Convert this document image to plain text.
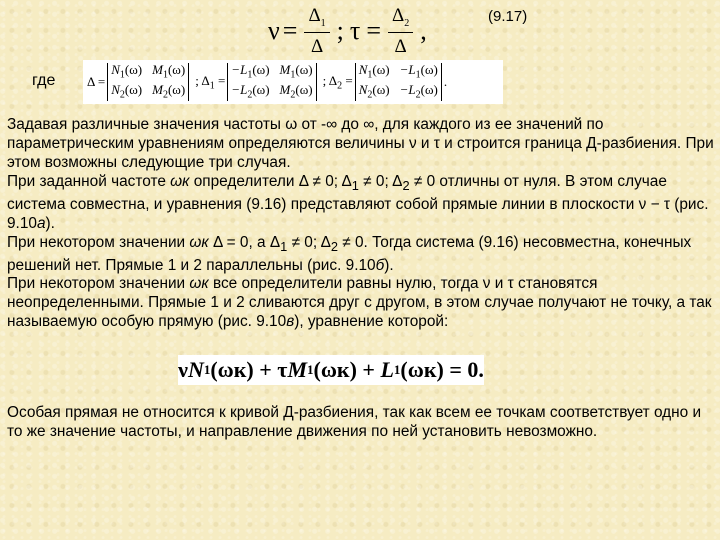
$\nu = \frac{\Delta_1}{\Delta}$ ; $\tau = \frac{\Delta_2}{\Delta}$ ,	(9.17)
где Δ =
$N_1(\omega)$ $M_1(\omega)$
$N_2(\omega)$ $M_2(\omega)$
; $\Delta_1$ =
$-L_1(\omega)$ $M_1(\omega)$
$-L_2(\omega)$ $M_2(\omega)$
; $\Delta_2$ =
$N_1(\omega) -L_1(\omega)$
$N_2(\omega) -L_2(\omega)$ .

Задавая различные значения частоты ω от -∞ до ∞, для каждого из ее значений по параметрическим уравнениям определяются величины ν и τ и строится граница Д-разбиения. При этом возможны следующие три случая.

При заданной частоте ωк определители Δ ≠ 0; $\Delta_1 \ne 0$; $\Delta_2 \ne 0$ отличны от нуля. В этом случае система совместна, и уравнения (9.16) представляют собой прямые линии в плоскости ν − τ (рис. 9.10а).

При некотором значении ωк Δ = 0, а $\Delta_1 \ne 0$; $\Delta_2 \ne 0$. Тогда система (9.16) несовместна, конечных решений нет. Прямые 1 и 2 параллельны (рис. 9.10б).

При некотором значении ωк все определители равны нулю, тогда ν и τ становятся неопределенными. Прямые 1 и 2 сливаются друг с другом, в этом случае получают не точку, а так называемую особую прямую (рис. 9.10в), уравнение которой:

ν N 1 (ωк)
+
τ M 1 (ωк)
+
L 1 (ωк)
=
0 .

Особая прямая не относится к кривой Д-разбиения, так как всем ее точкам соответствует одно и то же значение частоты, и направление движения по ней установить невозможно.
